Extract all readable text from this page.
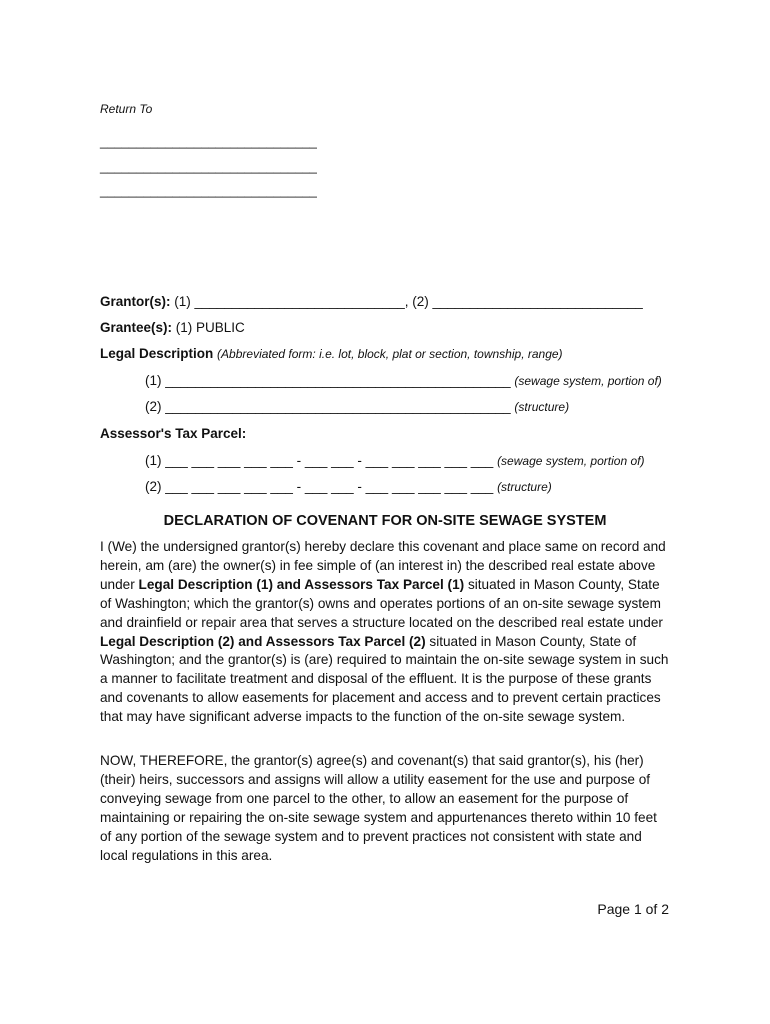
Return To
______________________________
______________________________
______________________________
Grantor(s): (1) ____________________________, (2) ____________________________
Grantee(s): (1) PUBLIC
Legal Description (Abbreviated form: i.e. lot, block, plat or section, township, range)
(1) ______________________________________________ (sewage system, portion of)
(2) ______________________________________________ (structure)
Assessor's Tax Parcel:
(1) ___ ___ ___ ___ ___ - ___ ___ - ___ ___ ___ ___ ___ (sewage system, portion of)
(2) ___ ___ ___ ___ ___ - ___ ___ - ___ ___ ___ ___ ___ (structure)
DECLARATION OF COVENANT FOR ON-SITE SEWAGE SYSTEM

I (We) the undersigned grantor(s) hereby declare this covenant and place same on record and herein, am (are) the owner(s) in fee simple of (an interest in) the described real estate above under Legal Description (1) and Assessors Tax Parcel (1) situated in Mason County, State of Washington; which the grantor(s) owns and operates portions of an on-site sewage system and drainfield or repair area that serves a structure located on the described real estate under Legal Description (2) and Assessors Tax Parcel (2) situated in Mason County, State of Washington; and the grantor(s) is (are) required to maintain the on-site sewage system in such a manner to facilitate treatment and disposal of the effluent. It is the purpose of these grants and covenants to allow easements for placement and access and to prevent certain practices that may have significant adverse impacts to the function of the on-site sewage system.

NOW, THEREFORE, the grantor(s) agree(s) and covenant(s) that said grantor(s), his (her) (their) heirs, successors and assigns will allow a utility easement for the use and purpose of conveying sewage from one parcel to the other, to allow an easement for the purpose of maintaining or repairing the on-site sewage system and appurtenances thereto within 10 feet of any portion of the sewage system and to prevent practices not consistent with state and local regulations in this area.

Page 1 of 2
